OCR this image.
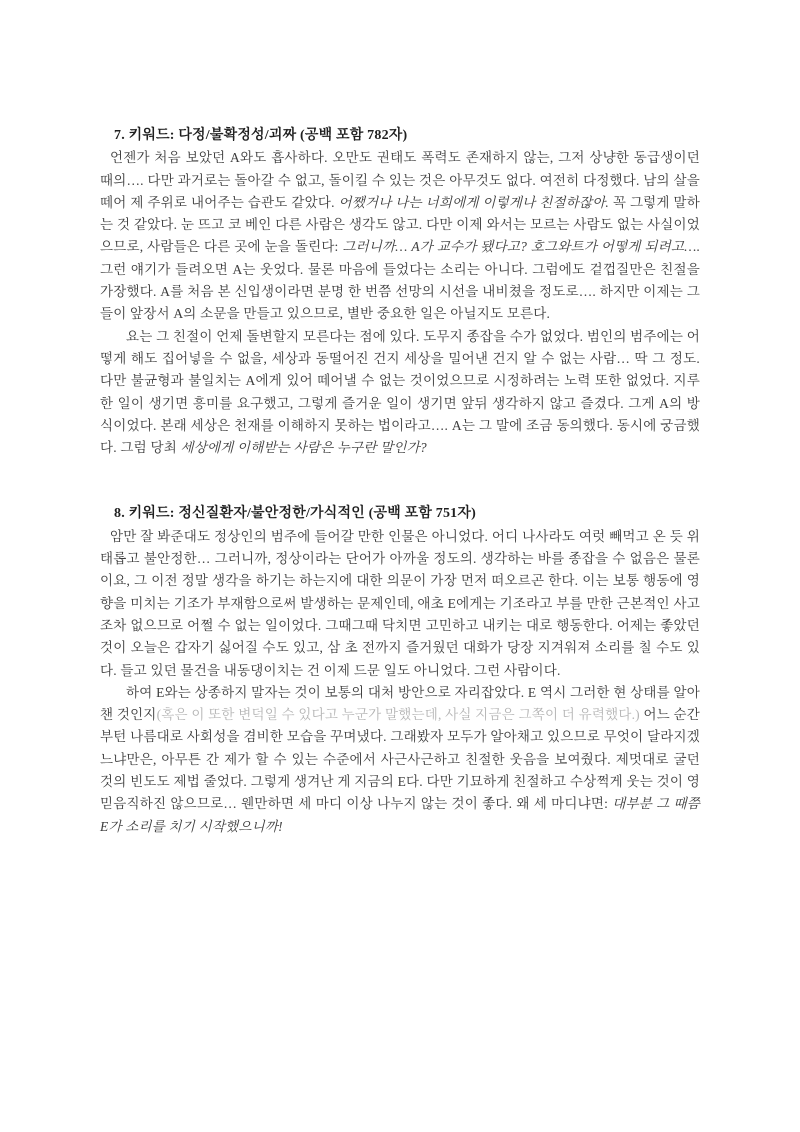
7. 키워드: 다정/불확정성/괴짜 (공백 포함 782자)

언젠가 처음 보았던 A와도 흡사하다. 오만도 권태도 폭력도 존재하지 않는, 그저 상냥한 동급생이던 때의…. 다만 과거로는 돌아갈 수 없고, 돌이킬 수 있는 것은 아무것도 없다. 여전히 다정했다. 남의 살을 떼어 제 주위로 내어주는 습관도 같았다. 어쨌거나 나는 너희에게 이렇게나 친절하잖아. 꼭 그렇게 말하는 것 같았다. 눈 뜨고 코 베인 다른 사람은 생각도 않고. 다만 이제 와서는 모르는 사람도 없는 사실이었으므로, 사람들은 다른 곳에 눈을 돌린다: 그러니까… A가 교수가 됐다고? 호그와트가 어떻게 되려고…. 그런 얘기가 들려오면 A는 웃었다. 물론 마음에 들었다는 소리는 아니다. 그럼에도 겉껍질만은 친절을 가장했다. A를 처음 본 신입생이라면 분명 한 번쯤 선망의 시선을 내비쳤을 정도로…. 하지만 이제는 그들이 앞장서 A의 소문을 만들고 있으므로, 별반 중요한 일은 아닐지도 모른다.

요는 그 친절이 언제 돌변할지 모른다는 점에 있다. 도무지 종잡을 수가 없었다. 범인의 범주에는 어떻게 해도 집어넣을 수 없을, 세상과 동떨어진 건지 세상을 밀어낸 건지 알 수 없는 사람… 딱 그 정도. 다만 불균형과 불일치는 A에게 있어 떼어낼 수 없는 것이었으므로 시정하려는 노력 또한 없었다. 지루한 일이 생기면 흥미를 요구했고, 그렇게 즐거운 일이 생기면 앞뒤 생각하지 않고 즐겼다. 그게 A의 방식이었다. 본래 세상은 천재를 이해하지 못하는 법이라고…. A는 그 말에 조금 동의했다. 동시에 궁금했다. 그럼 당최 세상에게 이해받는 사람은 누구란 말인가?

8. 키워드: 정신질환자/불안정한/가식적인 (공백 포함 751자)

암만 잘 봐준대도 정상인의 범주에 들어갈 만한 인물은 아니었다. 어디 나사라도 여럿 빼먹고 온 듯 위태롭고 불안정한… 그러니까, 정상이라는 단어가 아까울 정도의. 생각하는 바를 종잡을 수 없음은 물론이요, 그 이전 정말 생각을 하기는 하는지에 대한 의문이 가장 먼저 떠오르곤 한다. 이는 보통 행동에 영향을 미치는 기조가 부재함으로써 발생하는 문제인데, 애초 E에게는 기조라고 부를 만한 근본적인 사고조차 없으므로 어쩔 수 없는 일이었다. 그때그때 닥치면 고민하고 내키는 대로 행동한다. 어제는 좋았던 것이 오늘은 갑자기 싫어질 수도 있고, 삼 초 전까지 즐거웠던 대화가 당장 지겨워져 소리를 칠 수도 있다. 들고 있던 물건을 내동댕이치는 건 이제 드문 일도 아니었다. 그런 사람이다.

하여 E와는 상종하지 말자는 것이 보통의 대처 방안으로 자리잡았다. E 역시 그러한 현 상태를 알아챈 것인지(혹은 이 또한 변덕일 수 있다고 누군가 말했는데, 사실 지금은 그쪽이 더 유력했다.) 어느 순간부턴 나름대로 사회성을 겸비한 모습을 꾸며냈다. 그래봤자 모두가 알아채고 있으므로 무엇이 달라지겠느냐만은, 아무튼 간 제가 할 수 있는 수준에서 사근사근하고 친절한 웃음을 보여줬다. 제멋대로 굴던 것의 빈도도 제법 줄었다. 그렇게 생겨난 게 지금의 E다. 다만 기묘하게 친절하고 수상쩍게 웃는 것이 영 믿음직하진 않으므로… 웬만하면 세 마디 이상 나누지 않는 것이 좋다. 왜 세 마디냐면: 대부분 그 때쯤 E가 소리를 치기 시작했으니까!
